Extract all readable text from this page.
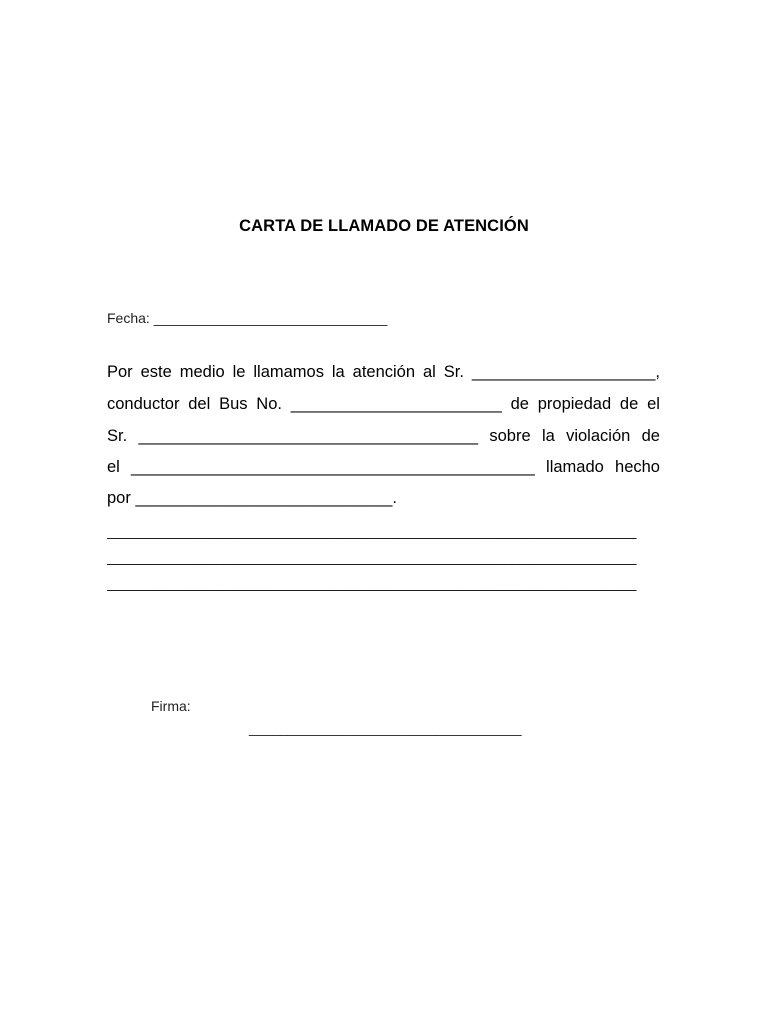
CARTA DE LLAMADO DE ATENCIÓN
Fecha: ______________________________
Por este medio le llamamos la atención al Sr. ____________________,
conductor del Bus No. _______________________ de propiedad de el
Sr. _____________________________________ sobre la violación de
el ____________________________________________ llamado hecho
por ____________________________.
____________________________________________________________________
____________________________________________________________________
____________________________________________________________________
Firma:
___________________________________
